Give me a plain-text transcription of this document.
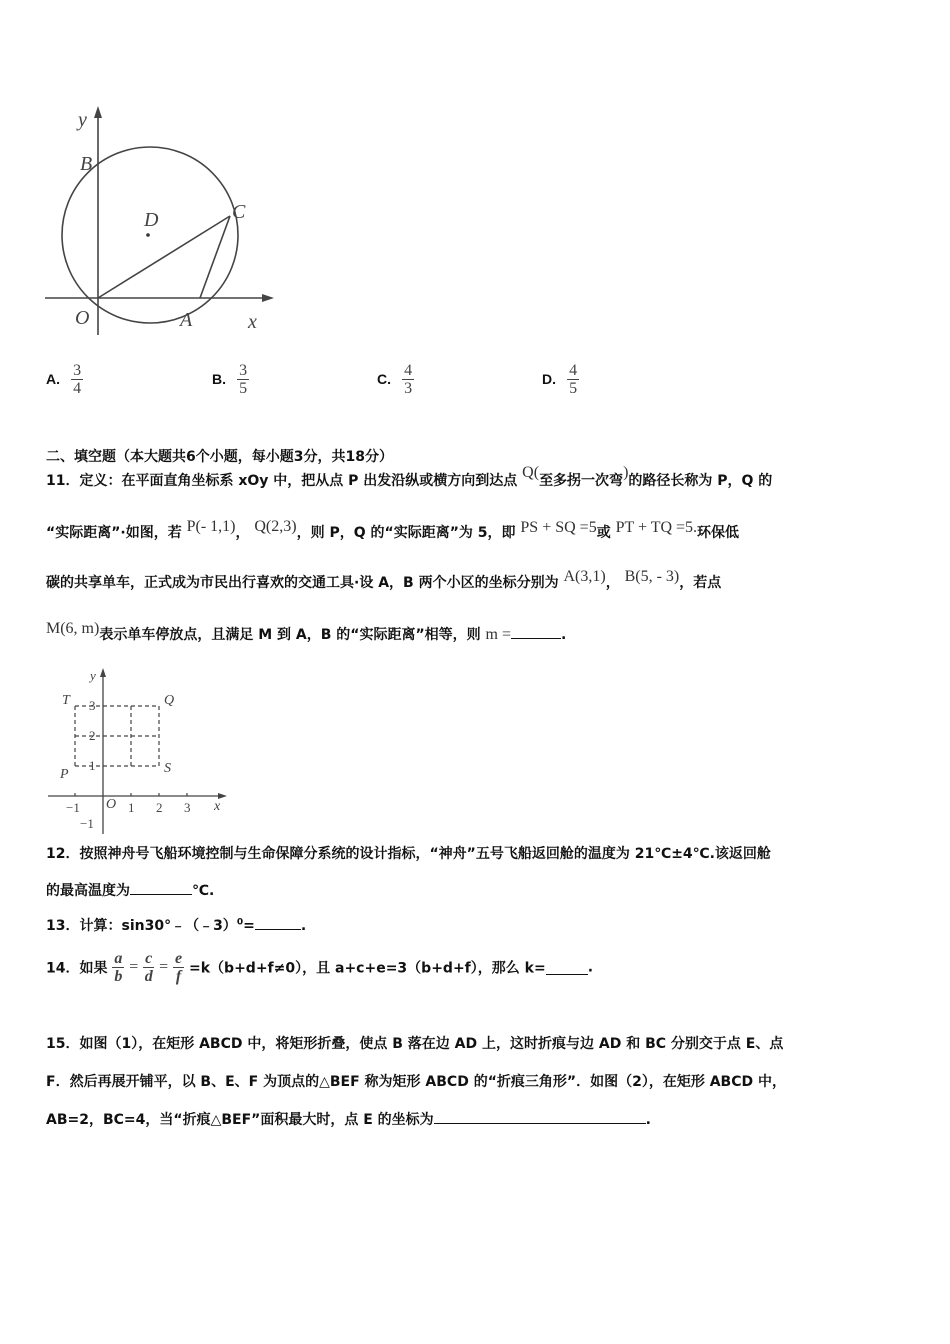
y
B
D	C
O	A	x
A. $\frac{3}{4}$	B. $\frac{3}{5}$	C. $\frac{4}{3}$	D. $\frac{4}{5}$
二、填空题（本大题共6个小题，每小题3分，共18分）
11．定义：在平面直角坐标系 xOy 中，把从点 P 出发沿纵或横方向到达点 Q(至多拐一次弯)的路径长称为 P，Q 的
“实际距离”·如图，若 P(- 1,1)， Q(2,3)，则 P，Q 的“实际距离”为 5，即 PS + SQ =5或 PT + TQ =5.环保低
碳的共享单车，正式成为市民出行喜欢的交通工具·设 A，B 两个小区的坐标分别为 A(3,1)， B(5, - 3)，若点
M(6, m)表示单车停放点，且满足 M 到 A，B 的“实际距离”相等，则 m =	.
y
T	Q
P	S
3
2
1
−1
O
−1	1 2 3 x
12．按照神舟号飞船环境控制与生命保障分系统的设计指标，“神舟”五号飞船返回舱的温度为 21℃±4℃.该返回舱
的最高温度为	℃.
13．计算：sin30°﹣（﹣3）$^0$=	.
14．如果 $\frac{a}{b} = \frac{c}{d} = \frac{e}{f} =k(b+d+f\ne 0)$，且 a+c+e=3（b+d+f），那么 k=	.
15．如图（1），在矩形 ABCD 中，将矩形折叠，使点 B 落在边 AD 上，这时折痕与边 AD 和 BC 分别交于点 E、点
F．然后再展开铺平，以 B、E、F 为顶点的△BEF 称为矩形 ABCD 的“折痕三角形”．如图（2），在矩形 ABCD 中，
AB=2，BC=4，当“折痕△BEF”面积最大时，点 E 的坐标为	.
